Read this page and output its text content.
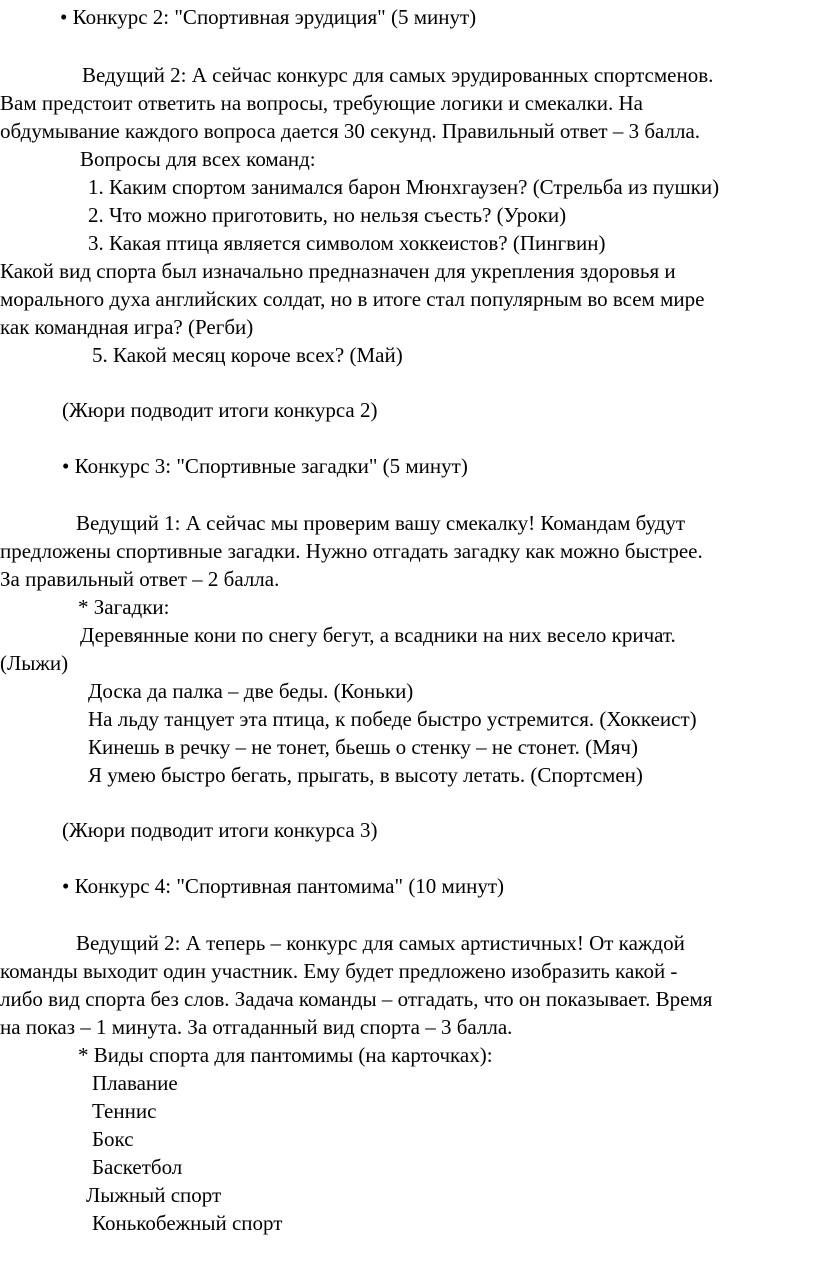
• Конкурс 2: "Спортивная эрудиция" (5 минут)
Ведущий 2: А сейчас конкурс для самых эрудированных спортсменов.
Вам предстоит ответить на вопросы, требующие логики и смекалки. На
обдумывание каждого вопроса дается 30 секунд. Правильный ответ – 3 балла.
Вопросы для всех команд:
1. Каким спортом занимался барон Мюнхгаузен? (Стрельба из пушки)
2. Что можно приготовить, но нельзя съесть? (Уроки)
3. Какая птица является символом хоккеистов? (Пингвин)
Какой вид спорта был изначально предназначен для укрепления здоровья и
морального духа английских солдат, но в итоге стал популярным во всем мире
как командная игра? (Регби)
5. Какой месяц короче всех? (Май)
(Жюри подводит итоги конкурса 2)
• Конкурс 3: "Спортивные загадки" (5 минут)
Ведущий 1: А сейчас мы проверим вашу смекалку! Командам будут
предложены спортивные загадки. Нужно отгадать загадку как можно быстрее.
За правильный ответ – 2 балла.
* Загадки:
Деревянные кони по снегу бегут, а всадники на них весело кричат.
(Лыжи)
Доска да палка – две беды. (Коньки)
На льду танцует эта птица, к победе быстро устремится. (Хоккеист)
Кинешь в речку – не тонет, бьешь о стенку – не стонет. (Мяч)
Я умею быстро бегать, прыгать, в высоту летать. (Спортсмен)
(Жюри подводит итоги конкурса 3)
• Конкурс 4: "Спортивная пантомима" (10 минут)
Ведущий 2: А теперь – конкурс для самых артистичных! От каждой
команды выходит один участник. Ему будет предложено изобразить какой -
либо вид спорта без слов. Задача команды – отгадать, что он показывает. Время
на показ – 1 минута. За отгаданный вид спорта – 3 балла.
* Виды спорта для пантомимы (на карточках):
Плавание
Теннис
Бокс
Баскетбол
Лыжный спорт
Конькобежный спорт
